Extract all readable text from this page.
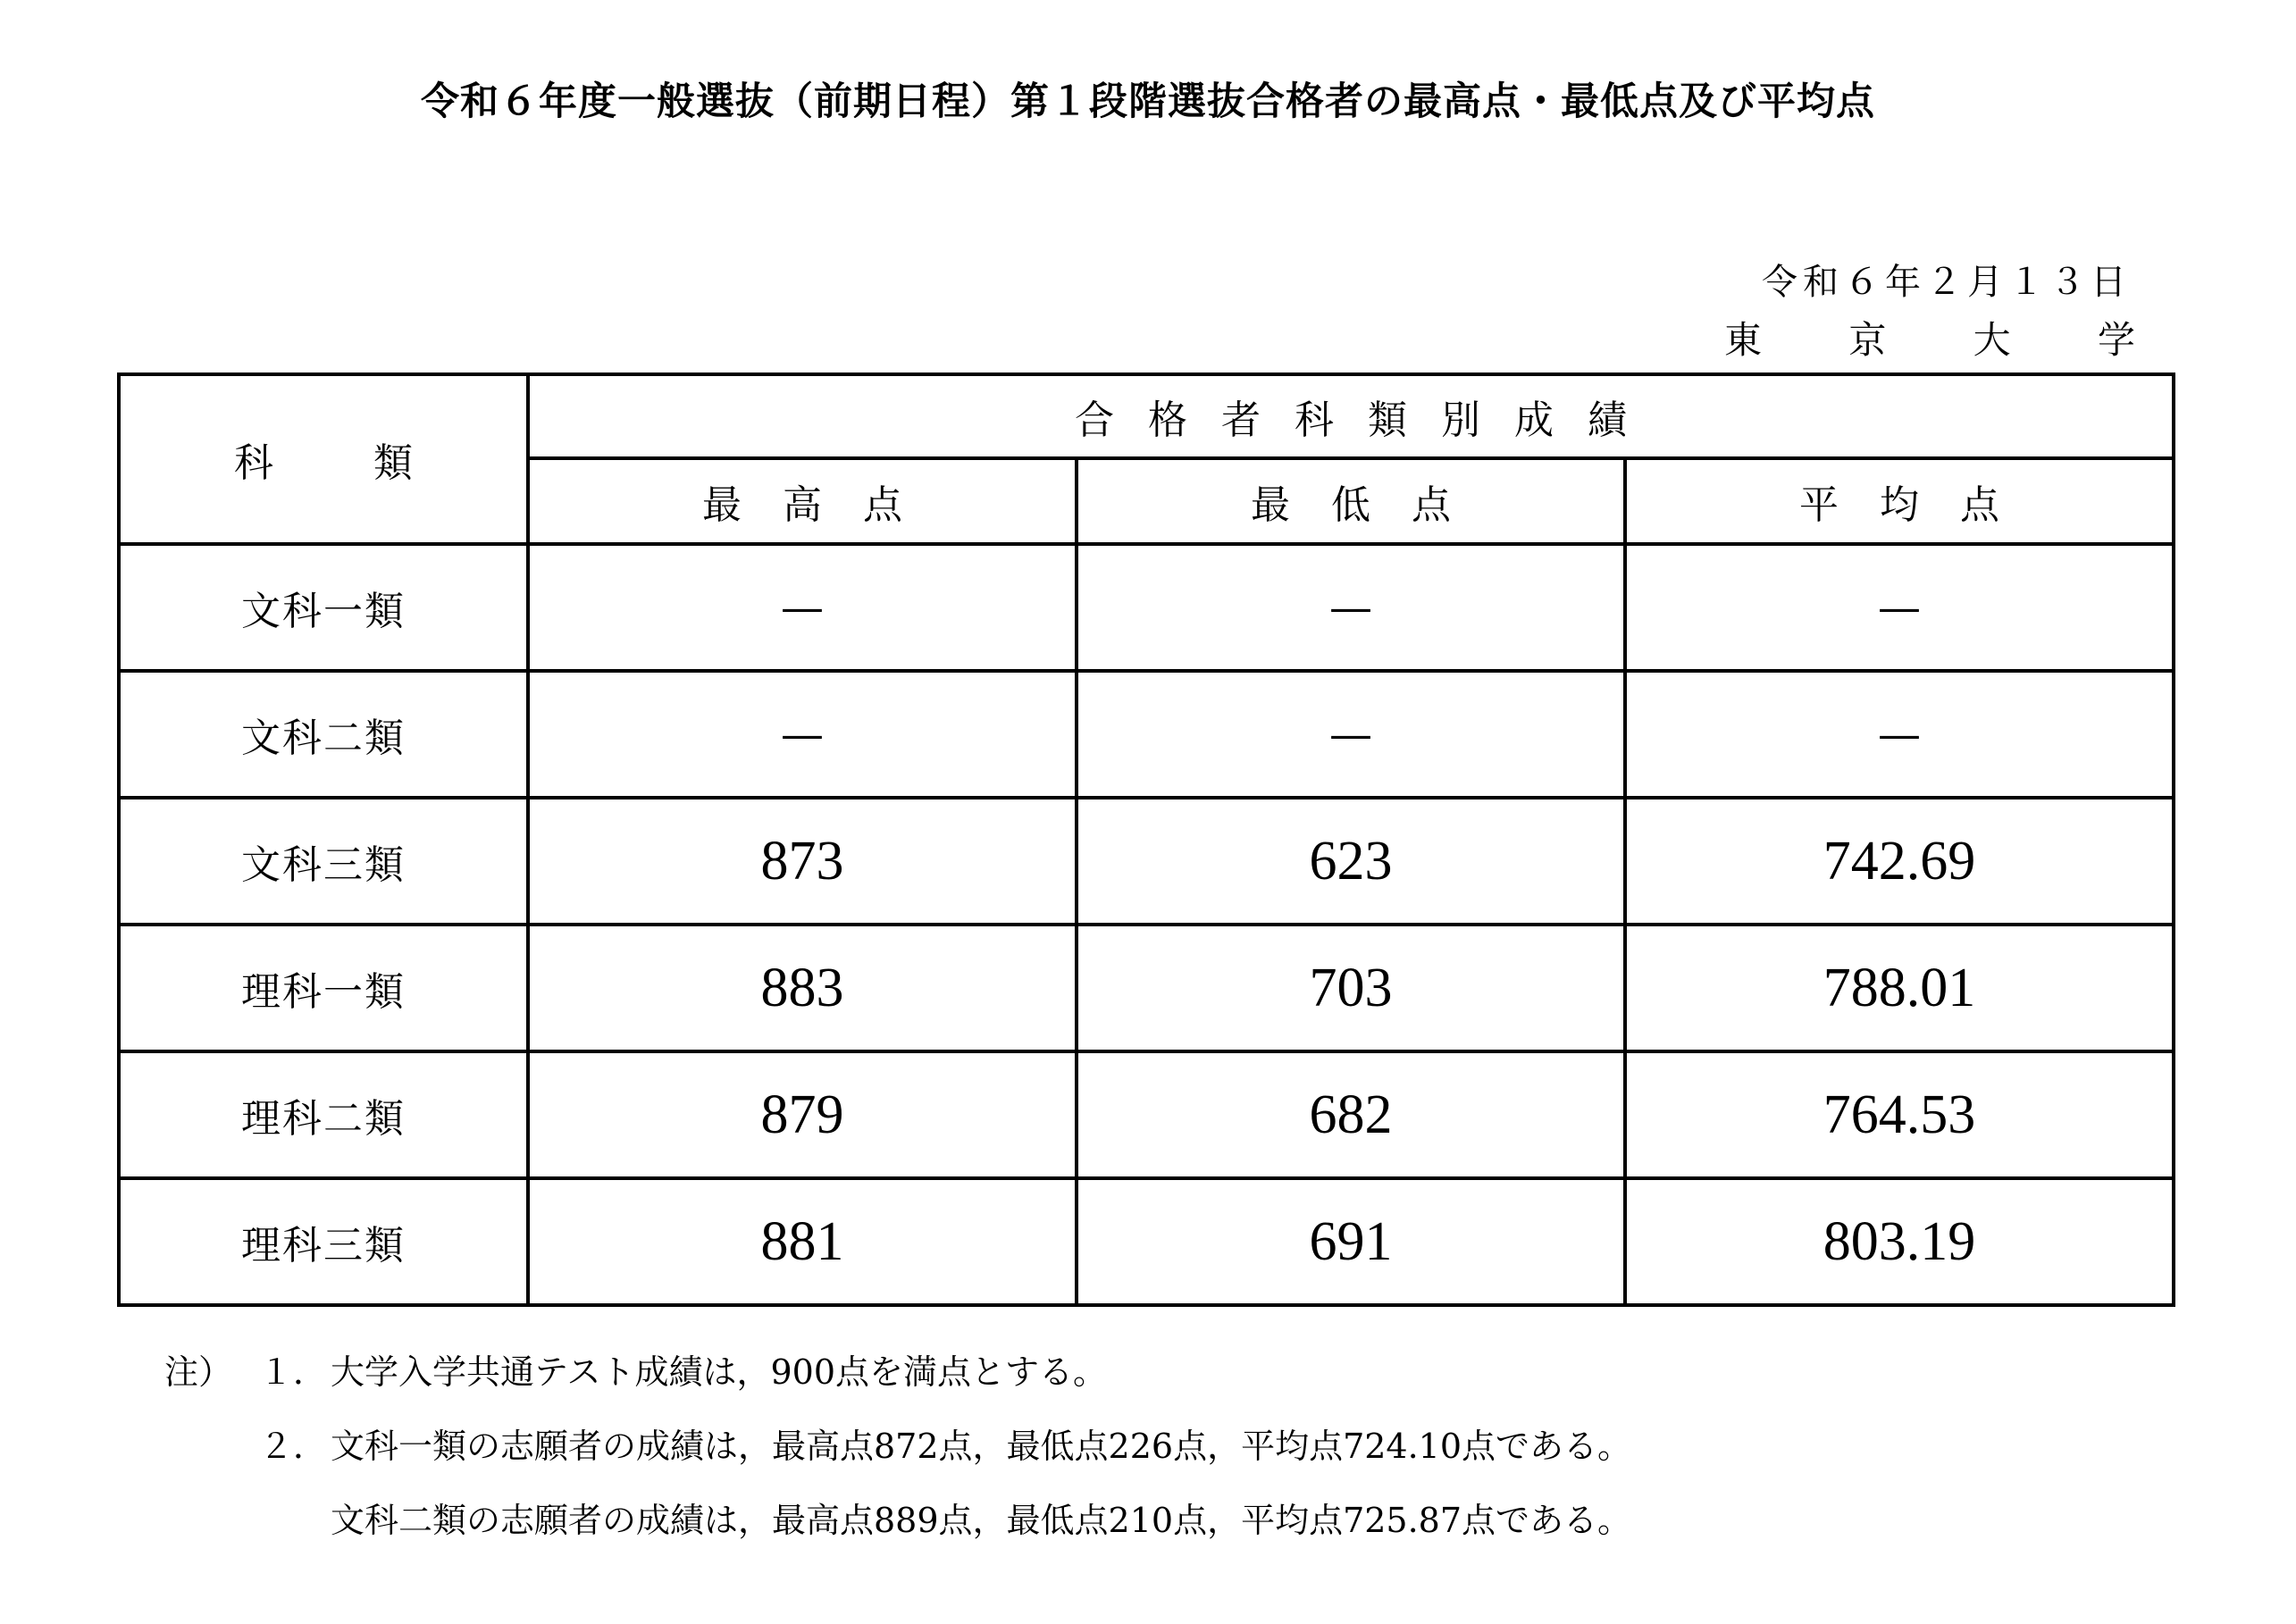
令和６年度一般選抜（前期日程）第１段階選抜合格者の最高点・最低点及び平均点
令和６年２月１３日
東 京 大 学
科類	合格者科類別成績		
	最高点	最低点	平均点
文科一類	—	—	—
文科二類	—	—	—
文科三類	873	623	742.69
理科一類	883	703	788.01
理科二類	879	682	764.53
理科三類	881	691	803.19
注） １． 大学入学共通テスト成績は，900点を満点とする。
２． 文科一類の志願者の成績は，最高点872点，最低点226点，平均点724.10点である。
文科二類の志願者の成績は，最高点889点，最低点210点，平均点725.87点である。
